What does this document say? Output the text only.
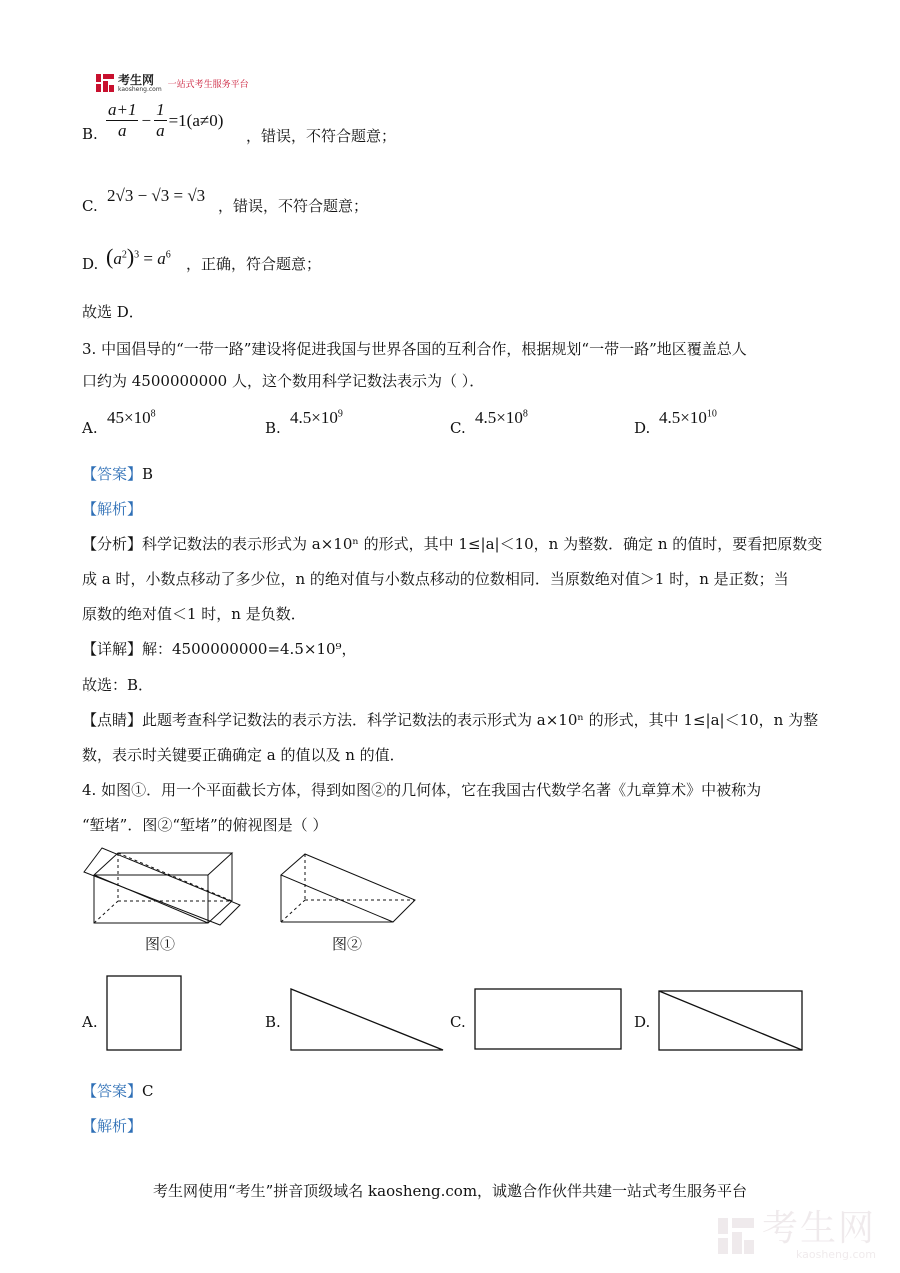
考生网
kaosheng.com 一站式考生服务平台
B. $\frac{a+1}{a} - \frac{1}{a} =1(a\ne 0)$
，错误，不符合题意；
C.
2√3 − √3 = √3
，错误，不符合题意；
D. $(a^2)^3 = a^6$
，正确，符合题意；
故选 D．
3. 中国倡导的“一带一路”建设将促进我国与世界各国的互利合作，根据规划“一带一路”地区覆盖总人
口约为 4500000000 人，这个数用科学记数法表示为（ ）．
A.
$45\times 10^8$
B.
$4.5\times 10^9$
C.
$4.5\times 10^8$
D.
$4.5\times 10^{10}$
【答案】B
【解析】
【分析】科学记数法的表示形式为 a×10ⁿ 的形式，其中 1≤|a|＜10，n 为整数．确定 n 的值时，要看把原数变
成 a 时，小数点移动了多少位，n 的绝对值与小数点移动的位数相同．当原数绝对值＞1 时，n 是正数；当
原数的绝对值＜1 时，n 是负数．
【详解】解：4500000000=4.5×10⁹，
故选：B．
【点睛】此题考查科学记数法的表示方法．科学记数法的表示形式为 a×10ⁿ 的形式，其中 1≤|a|＜10，n 为整
数，表示时关键要正确确定 a 的值以及 n 的值．
4. 如图①．用一个平面截长方体，得到如图②的几何体，它在我国古代数学名著《九章算术》中被称为
“堑堵”．图②“堑堵”的俯视图是（ ）
图①	图②
A.	B.	C.	D.
【答案】C
【解析】
考生网使用“考生”拼音顶级域名 kaosheng.com，诚邀合作伙伴共建一站式考生服务平台
考生网
kaosheng.com
